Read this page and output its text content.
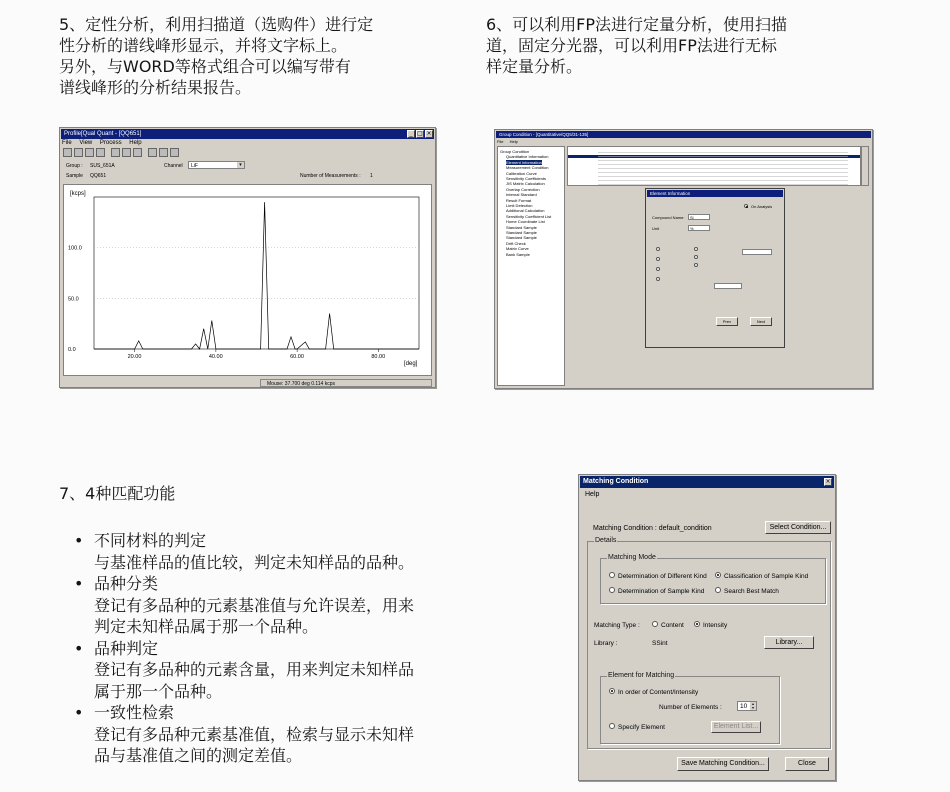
5、定性分析，利用扫描道（选购件）进行定
性分析的谱线峰形显示，并将文字标上。
另外，与WORD等格式组合可以编写带有
谱线峰形的分析结果报告。
6、可以利用FP法进行定量分析，使用扫描
道，固定分光器，可以利用FP法进行无标
样定量分析。
Profile[Qual Quant - [QQ651]	_ □ ×
File View Process Help
Group : SUS_651A
Sample QQ651
Channel LiF	▾
Number of Measurements : 1
20.00	40.00	60.00	80.00
0.0
50.0
100.0
[kcps]
[deg]
Mouse: 37.700 deg 0.114 kcps
Group Condition - [Quantitative/QQ5/31-135]
File Help
Group Condition
Quantitative Information
Element Information
Measurement Condition
Calibration Curve
Sensitivity Coefficients
JIS Matrix Calculation
Overlap Correction
Internal Standard
Result Format
Limit Detection
Additional Calculation
Sensitivity Coefficient List
Home Coordinate List
Standard Sample
Standard Sample
Standard Sample
Drift Check
Matrix Curve
Bank Sample
Element Information
On Analysis
Compound Name: Si
Unit	%
Prev	Next
7、4种匹配功能
• 不同材料的判定
与基准样品的值比较，判定未知样品的品种。
• 品种分类
登记有多品种的元素基准值与允许误差，用来
判定未知样品属于那一个品种。
• 品种判定
登记有多品种的元素含量，用来判定未知样品
属于那一个品种。
• 一致性检索
登记有多品种元素基准值，检索与显示未知样
品与基准值之间的测定差值。
Matching Condition	×
Help
Matching Condition : default_condition	Select Condition...
Details
Matching Mode
Determination of Different Kind	Classification of Sample Kind
Determination of Sample Kind	Search Best Match
Matching Type :	Content	Intensity
Library :	SSint	Library...
Element for Matching
In order of Content/Intensity
Number of Elements :	10	▴
▾
Specify Element	Element List...
Save Matching Condition...	Close
